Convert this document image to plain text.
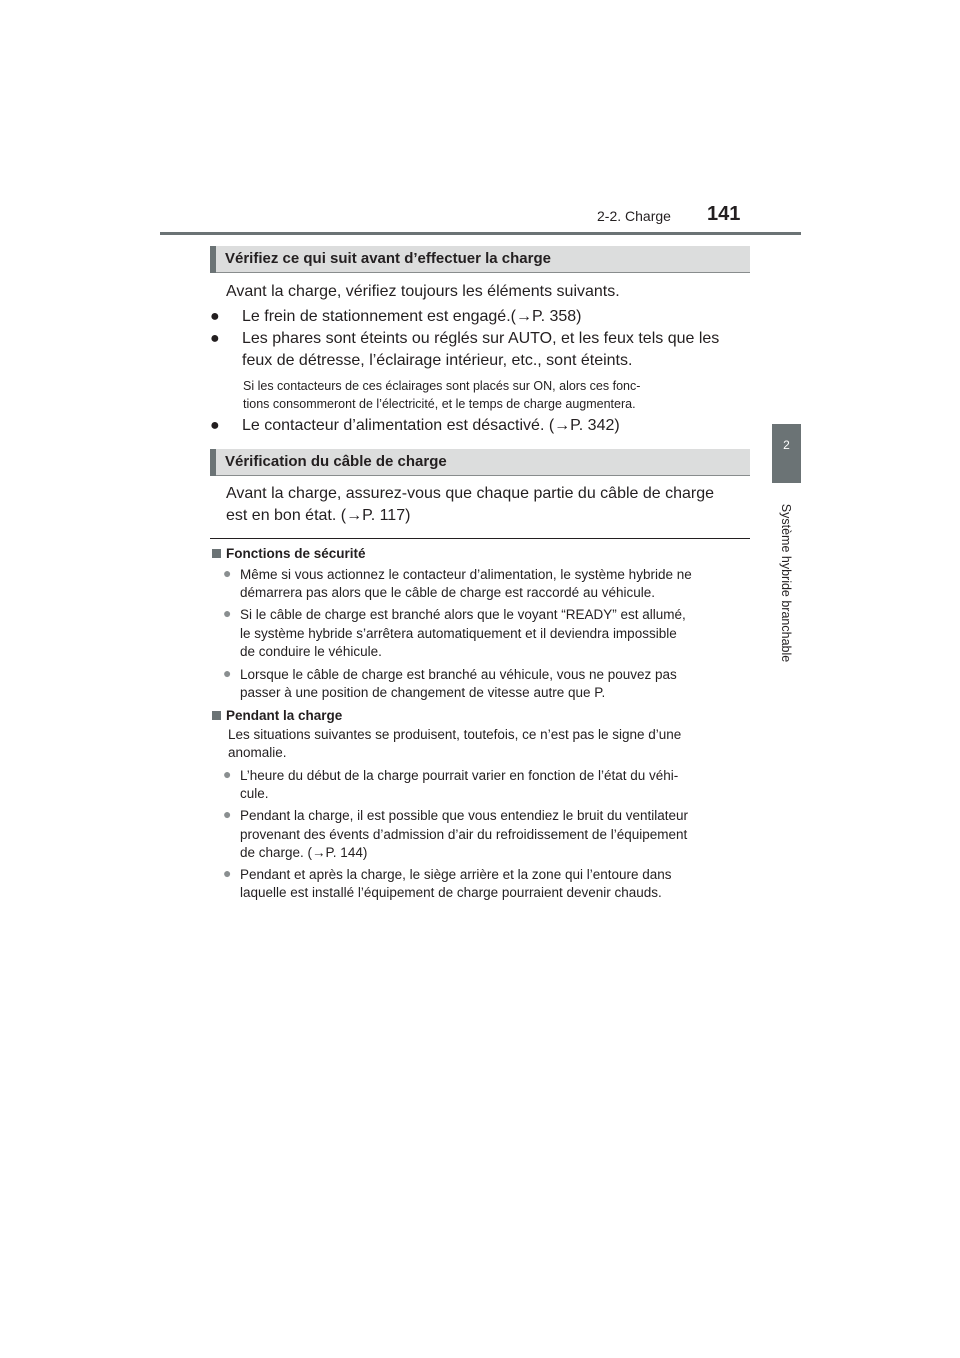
2-2. Charge 141
2
Système hybride branchable
Vérifiez ce qui suit avant d’effectuer la charge
Avant la charge, vérifiez toujours les éléments suivants.
● Le frein de stationnement est engagé.(→P. 358)
● Les phares sont éteints ou réglés sur AUTO, et les feux tels que les
feux de détresse, l’éclairage intérieur, etc., sont éteints.
Si les contacteurs de ces éclairages sont placés sur ON, alors ces fonc-
tions consommeront de l’électricité, et le temps de charge augmentera.
● Le contacteur d’alimentation est désactivé. (→P. 342)
Vérification du câble de charge
Avant la charge, assurez-vous que chaque partie du câble de charge
est en bon état. (→P. 117)
Fonctions de sécurité
● Même si vous actionnez le contacteur d’alimentation, le système hybride ne
démarrera pas alors que le câble de charge est raccordé au véhicule.
● Si le câble de charge est branché alors que le voyant “READY” est allumé,
le système hybride s’arrêtera automatiquement et il deviendra impossible
de conduire le véhicule.
● Lorsque le câble de charge est branché au véhicule, vous ne pouvez pas
passer à une position de changement de vitesse autre que P.
Pendant la charge
Les situations suivantes se produisent, toutefois, ce n’est pas le signe d’une
anomalie.
● L’heure du début de la charge pourrait varier en fonction de l’état du véhi-
cule.
● Pendant la charge, il est possible que vous entendiez le bruit du ventilateur
provenant des évents d’admission d’air du refroidissement de l’équipement
de charge. (→P. 144)
● Pendant et après la charge, le siège arrière et la zone qui l’entoure dans
laquelle est installé l’équipement de charge pourraient devenir chauds.
